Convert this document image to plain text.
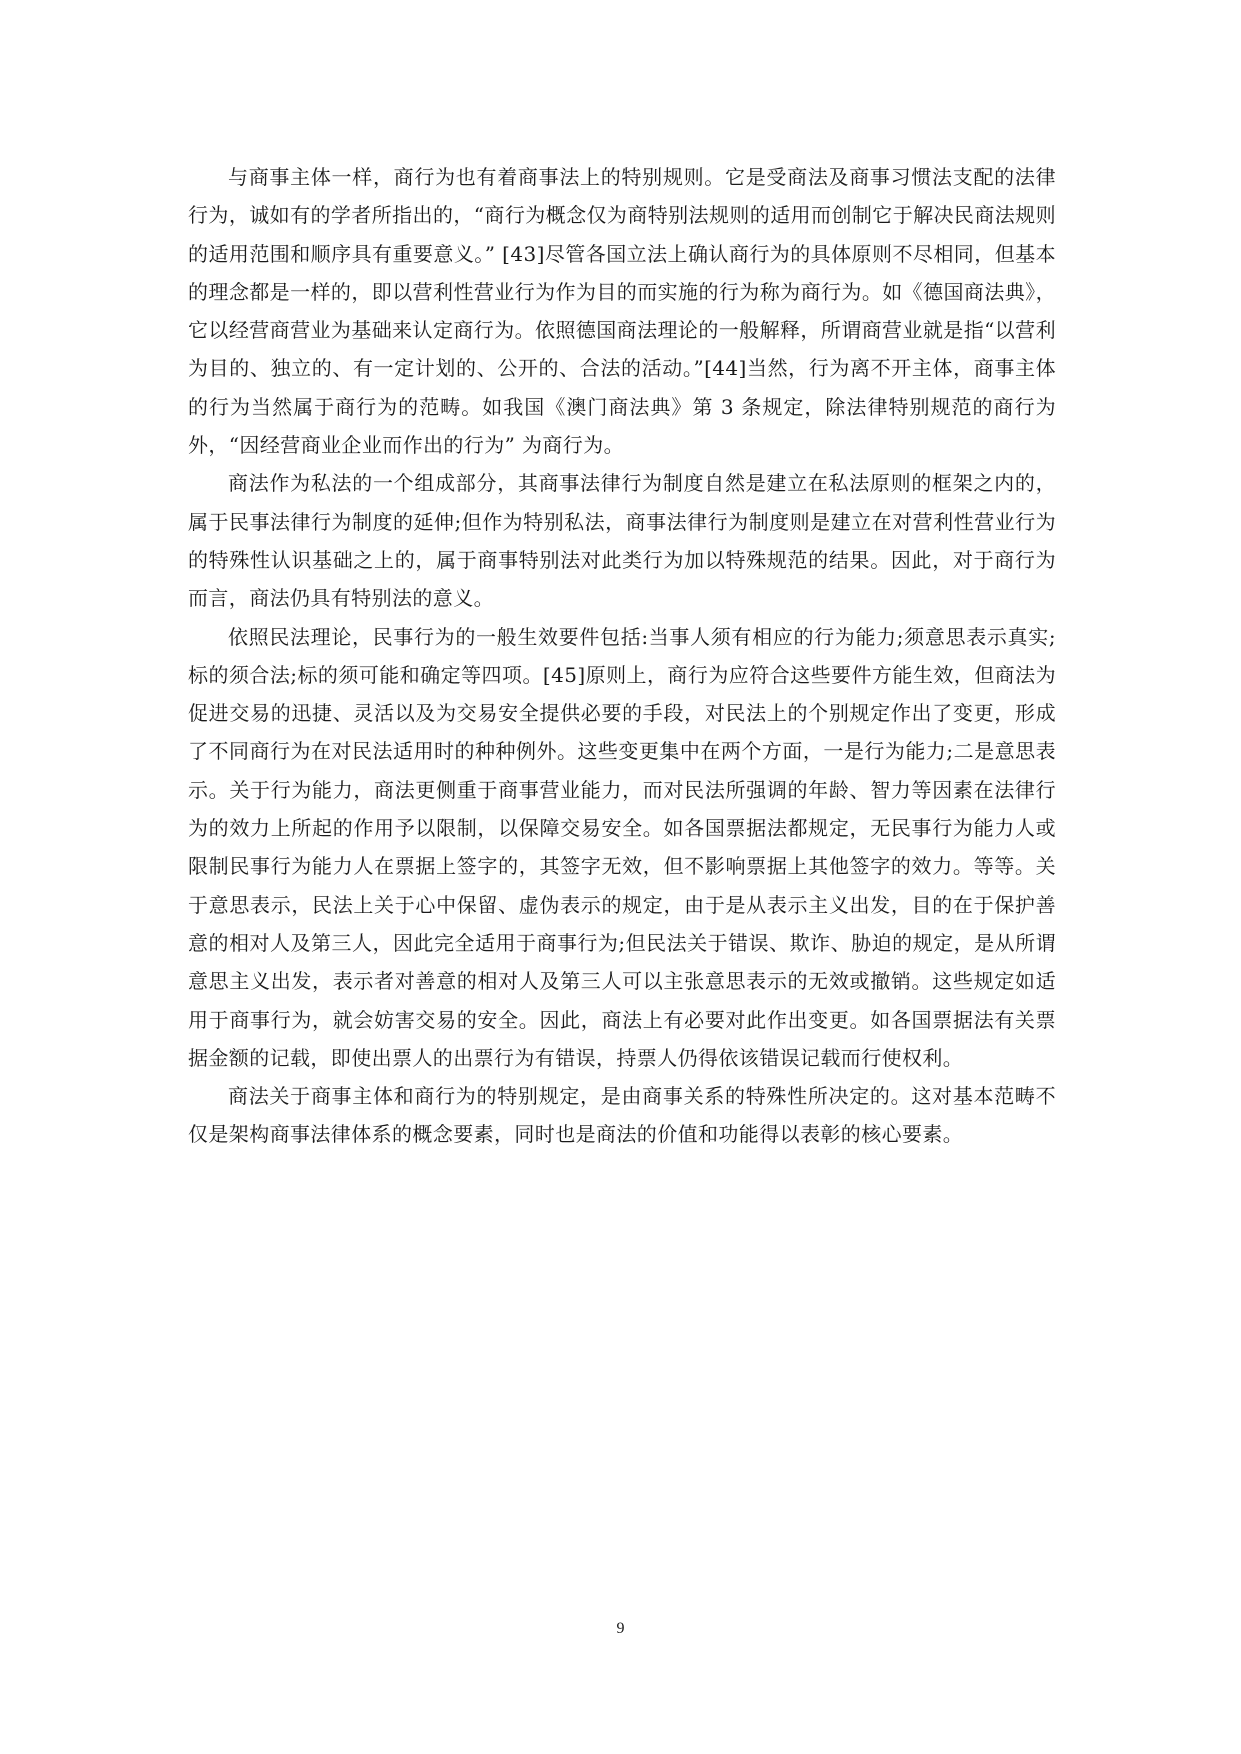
与商事主体一样，商行为也有着商事法上的特别规则。它是受商法及商事习惯法支配的法律行为，诚如有的学者所指出的，“商行为概念仅为商特别法规则的适用而创制它于解决民商法规则的适用范围和顺序具有重要意义。” [43]尽管各国立法上确认商行为的具体原则不尽相同，但基本的理念都是一样的，即以营利性营业行为作为目的而实施的行为称为商行为。如《德国商法典》，它以经营商营业为基础来认定商行为。依照德国商法理论的一般解释，所谓商营业就是指“以营利为目的、独立的、有一定计划的、公开的、合法的活动。”[44]当然，行为离不开主体，商事主体的行为当然属于商行为的范畴。如我国《澳门商法典》第 3 条规定，除法律特别规范的商行为外，“因经营商业企业而作出的行为” 为商行为。

商法作为私法的一个组成部分，其商事法律行为制度自然是建立在私法原则的框架之内的，属于民事法律行为制度的延伸;但作为特别私法，商事法律行为制度则是建立在对营利性营业行为的特殊性认识基础之上的，属于商事特别法对此类行为加以特殊规范的结果。因此，对于商行为而言，商法仍具有特别法的意义。

依照民法理论，民事行为的一般生效要件包括:当事人须有相应的行为能力;须意思表示真实;标的须合法;标的须可能和确定等四项。[45]原则上，商行为应符合这些要件方能生效，但商法为促进交易的迅捷、灵活以及为交易安全提供必要的手段，对民法上的个别规定作出了变更，形成了不同商行为在对民法适用时的种种例外。这些变更集中在两个方面，一是行为能力;二是意思表示。关于行为能力，商法更侧重于商事营业能力，而对民法所强调的年龄、智力等因素在法律行为的效力上所起的作用予以限制，以保障交易安全。如各国票据法都规定，无民事行为能力人或限制民事行为能力人在票据上签字的，其签字无效，但不影响票据上其他签字的效力。等等。关于意思表示，民法上关于心中保留、虚伪表示的规定，由于是从表示主义出发，目的在于保护善意的相对人及第三人，因此完全适用于商事行为;但民法关于错误、欺诈、胁迫的规定，是从所谓意思主义出发，表示者对善意的相对人及第三人可以主张意思表示的无效或撤销。这些规定如适用于商事行为，就会妨害交易的安全。因此，商法上有必要对此作出变更。如各国票据法有关票据金额的记载，即使出票人的出票行为有错误，持票人仍得依该错误记载而行使权利。

商法关于商事主体和商行为的特别规定，是由商事关系的特殊性所决定的。这对基本范畴不仅是架构商事法律体系的概念要素，同时也是商法的价值和功能得以表彰的核心要素。

9
